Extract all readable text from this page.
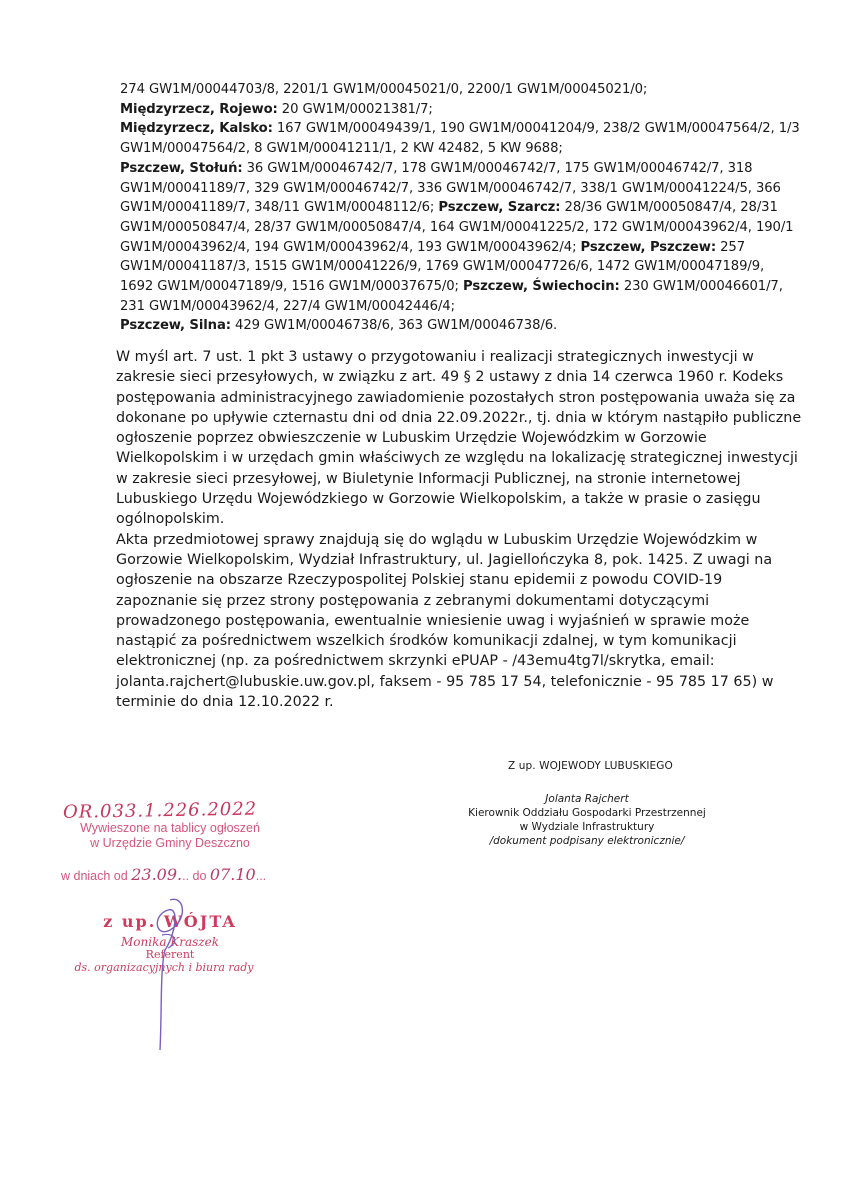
274 GW1M/00044703/8, 2201/1 GW1M/00045021/0, 2200/1 GW1M/00045021/0;
Międzyrzecz, Rojewo: 20 GW1M/00021381/7;
Międzyrzecz, Kalsko: 167 GW1M/00049439/1, 190 GW1M/00041204/9, 238/2 GW1M/00047564/2, 1/3 GW1M/00047564/2, 8 GW1M/00041211/1, 2 KW 42482, 5 KW 9688;
Pszczew, Stołuń: 36 GW1M/00046742/7, 178 GW1M/00046742/7, 175 GW1M/00046742/7, 318 GW1M/00041189/7, 329 GW1M/00046742/7, 336 GW1M/00046742/7, 338/1 GW1M/00041224/5, 366 GW1M/00041189/7, 348/11 GW1M/00048112/6; Pszczew, Szarcz: 28/36 GW1M/00050847/4, 28/31 GW1M/00050847/4, 28/37 GW1M/00050847/4, 164 GW1M/00041225/2, 172 GW1M/00043962/4, 190/1 GW1M/00043962/4, 194 GW1M/00043962/4, 193 GW1M/00043962/4; Pszczew, Pszczew: 257 GW1M/00041187/3, 1515 GW1M/00041226/9, 1769 GW1M/00047726/6, 1472 GW1M/00047189/9, 1692 GW1M/00047189/9, 1516 GW1M/00037675/0; Pszczew, Świechocin: 230 GW1M/00046601/7, 231 GW1M/00043962/4, 227/4 GW1M/00042446/4;
Pszczew, Silna: 429 GW1M/00046738/6, 363 GW1M/00046738/6.

W myśl art. 7 ust. 1 pkt 3 ustawy o przygotowaniu i realizacji strategicznych inwestycji w zakresie sieci przesyłowych, w związku z art. 49 § 2 ustawy z dnia 14 czerwca 1960 r. Kodeks postępowania administracyjnego zawiadomienie pozostałych stron postępowania uważa się za dokonane po upływie czternastu dni od dnia 22.09.2022r., tj. dnia w którym nastąpiło publiczne ogłoszenie poprzez obwieszczenie w Lubuskim Urzędzie Wojewódzkim w Gorzowie Wielkopolskim i w urzędach gmin właściwych ze względu na lokalizację strategicznej inwestycji w zakresie sieci przesyłowej, w Biuletynie Informacji Publicznej, na stronie internetowej Lubuskiego Urzędu Wojewódzkiego w Gorzowie Wielkopolskim, a także w prasie o zasięgu ogólnopolskim.

Akta przedmiotowej sprawy znajdują się do wglądu w Lubuskim Urzędzie Wojewódzkim w Gorzowie Wielkopolskim, Wydział Infrastruktury, ul. Jagiellończyka 8, pok. 1425. Z uwagi na ogłoszenie na obszarze Rzeczypospolitej Polskiej stanu epidemii z powodu COVID-19 zapoznanie się przez strony postępowania z zebranymi dokumentami dotyczącymi prowadzonego postępowania, ewentualnie wniesienie uwag i wyjaśnień w sprawie może nastąpić za pośrednictwem wszelkich środków komunikacji zdalnej, w tym komunikacji elektronicznej (np. za pośrednictwem skrzynki ePUAP - /43emu4tg7l/skrytka, email: jolanta.rajchert@lubuskie.uw.gov.pl, faksem - 95 785 17 54, telefonicznie - 95 785 17 65) w terminie do dnia 12.10.2022 r.

Z up. WOJEWODY LUBUSKIEGO
Jolanta Rajchert
Kierownik Oddziału Gospodarki Przestrzennej
w Wydziale Infrastruktury
/dokument podpisany elektronicznie/
OR.033.1.226.2022
Wywieszone na tablicy ogłoszeń
w Urzędzie Gminy Deszczno
w dniach od 23.09... do 07.10...
z up. WÓJTA
Monika Kraszek
Referent
ds. organizacyjnych i biura rady
